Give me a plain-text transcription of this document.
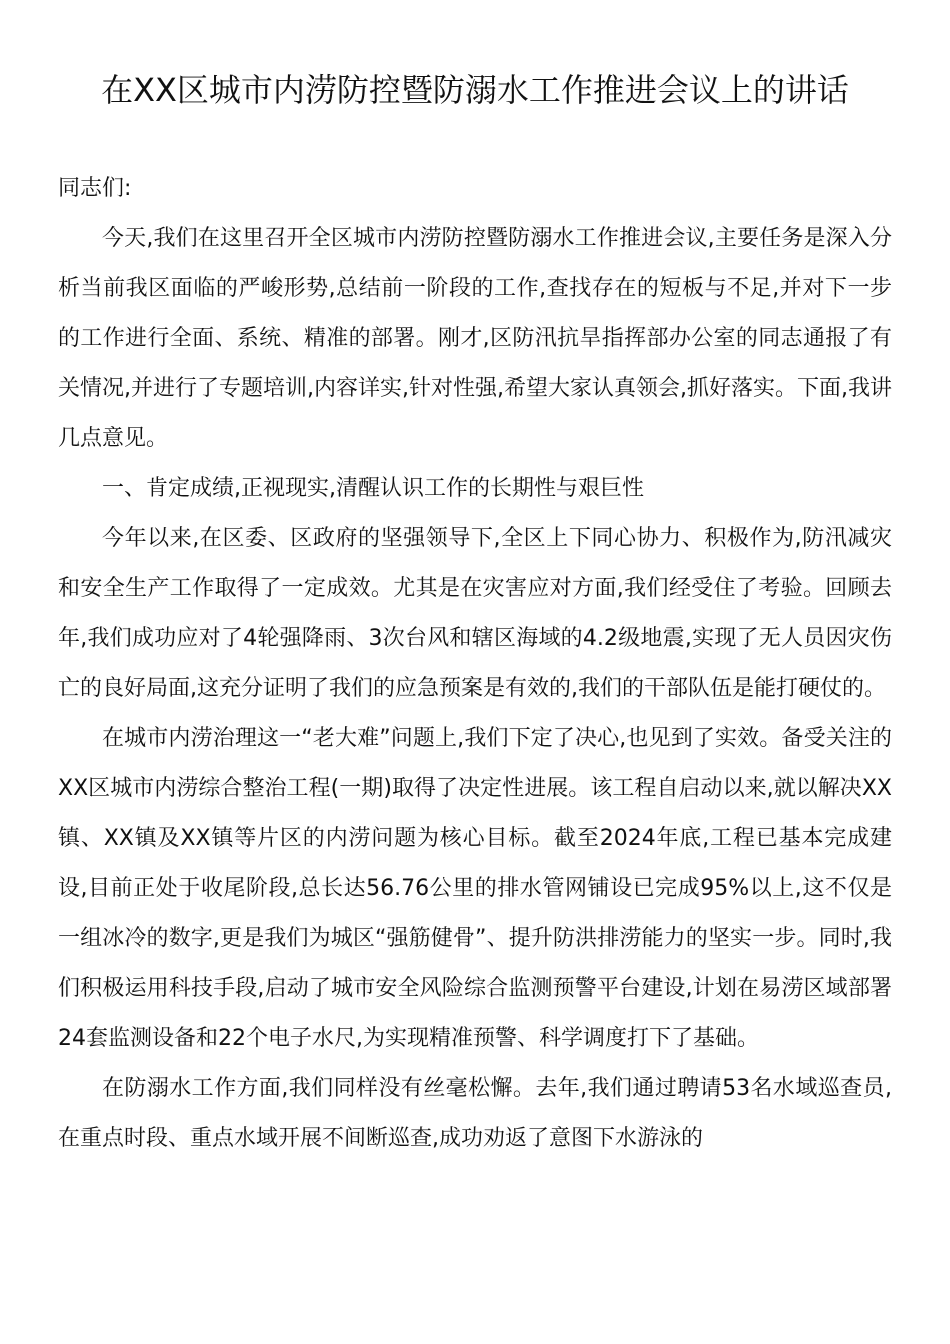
在XX区城市内涝防控暨防溺水工作推进会议上的讲话

同志们:

今天,我们在这里召开全区城市内涝防控暨防溺水工作推进会议,主要任务是深入分析当前我区面临的严峻形势,总结前一阶段的工作,查找存在的短板与不足,并对下一步的工作进行全面、系统、精准的部署。刚才,区防汛抗旱指挥部办公室的同志通报了有关情况,并进行了专题培训,内容详实,针对性强,希望大家认真领会,抓好落实。下面,我讲几点意见。

一、肯定成绩,正视现实,清醒认识工作的长期性与艰巨性

今年以来,在区委、区政府的坚强领导下,全区上下同心协力、积极作为,防汛减灾和安全生产工作取得了一定成效。尤其是在灾害应对方面,我们经受住了考验。回顾去年,我们成功应对了4轮强降雨、3次台风和辖区海域的4.2级地震,实现了无人员因灾伤亡的良好局面,这充分证明了我们的应急预案是有效的,我们的干部队伍是能打硬仗的。

在城市内涝治理这一“老大难”问题上,我们下定了决心,也见到了实效。备受关注的XX区城市内涝综合整治工程(一期)取得了决定性进展。该工程自启动以来,就以解决XX镇、XX镇及XX镇等片区的内涝问题为核心目标。截至2024年底,工程已基本完成建设,目前正处于收尾阶段,总长达56.76公里的排水管网铺设已完成95%以上,这不仅是一组冰冷的数字,更是我们为城区“强筋健骨”、提升防洪排涝能力的坚实一步。同时,我们积极运用科技手段,启动了城市安全风险综合监测预警平台建设,计划在易涝区域部署24套监测设备和22个电子水尺,为实现精准预警、科学调度打下了基础。

在防溺水工作方面,我们同样没有丝毫松懈。去年,我们通过聘请53名水域巡查员,在重点时段、重点水域开展不间断巡查,成功劝返了意图下水游泳的
